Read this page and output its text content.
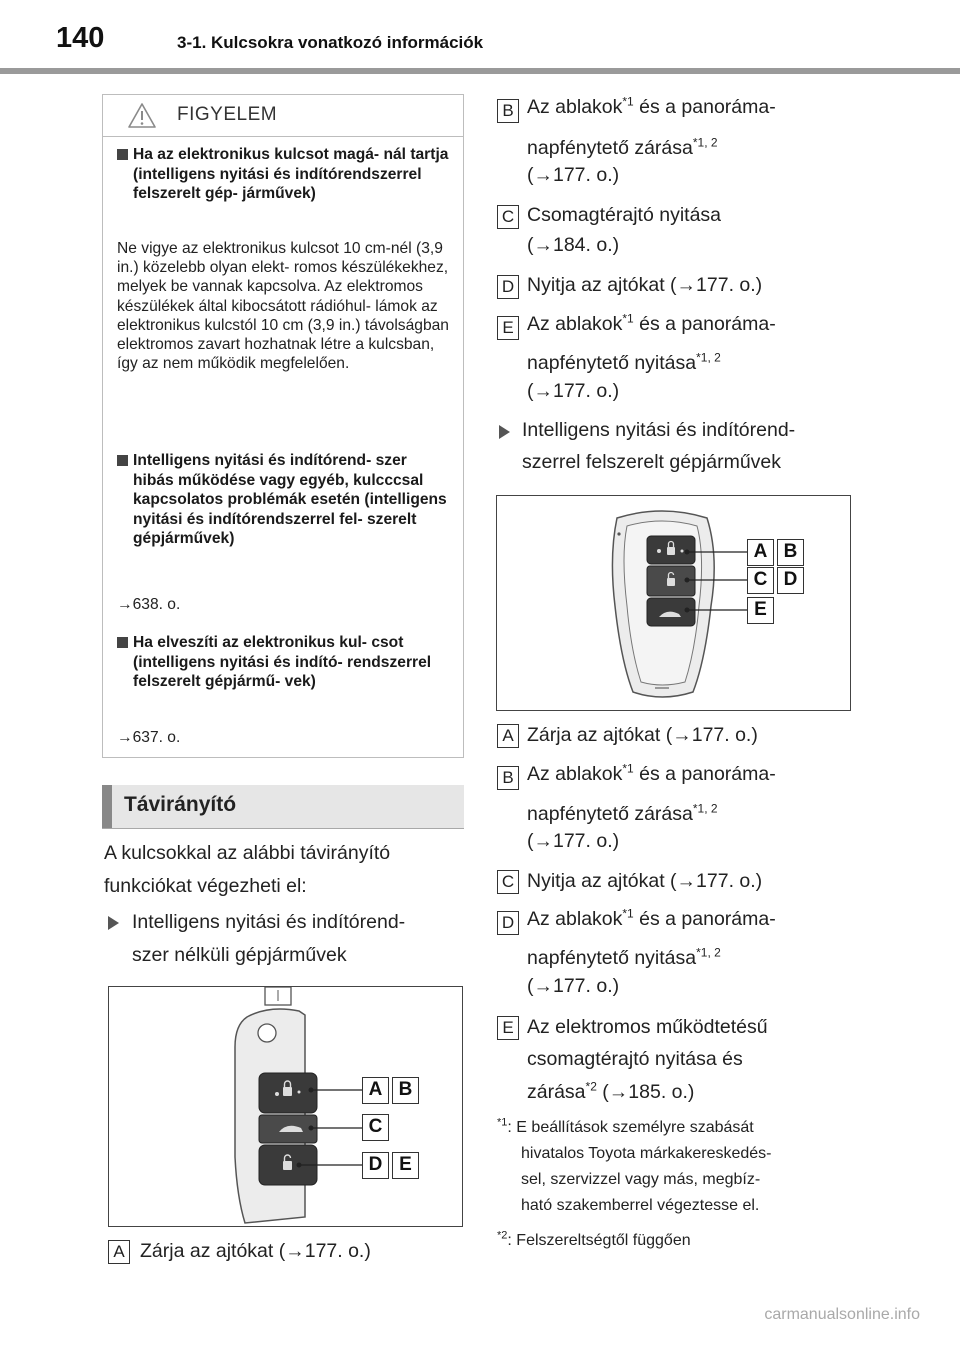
140	3-1. Kulcsokra vonatkozó információk
FIGYELEM
Ha az elektronikus kulcsot magá- nál tartja (intelligens nyitási és indítórendszerrel felszerelt gép- járművek)
Ne vigye az elektronikus kulcsot 10 cm-nél (3,9 in.) közelebb olyan elekt- romos készülékekhez, melyek be vannak kapcsolva. Az elektromos készülékek által kibocsátott rádióhul- lámok az elektronikus kulcstól 10 cm (3,9 in.) távolságban elektromos zavart hozhatnak létre a kulcsban, így az nem működik megfelelően.
Intelligens nyitási és indítórend- szer hibás működése vagy egyéb, kulcccsal kapcsolatos problémák esetén (intelligens nyitási és indítórendszerrel fel- szerelt gépjárművek)
→638. o.
Ha elveszíti az elektronikus kul- csot (intelligens nyitási és indító- rendszerrel felszerelt gépjármű- vek)
→637. o.
Távirányító
A kulcsokkal az alábbi távirányító
funkciókat végezheti el:
Intelligens nyitási és indítórend-
szer nélküli gépjárművek
A B
C
D E
A Zárja az ajtókat (→177. o.)
B Az ablakok$^{*1}$ és a panoráma-
napfénytető zárása$^{*1, 2}$
(→177. o.)
C Csomagtérajtó nyitása
(→184. o.)
D Nyitja az ajtókat (→177. o.)
E Az ablakok$^{*1}$ és a panoráma-
napfénytető nyitása$^{*1, 2}$
(→177. o.)
Intelligens nyitási és indítórend-
szerrel felszerelt gépjárművek
A B
C D
E
A Zárja az ajtókat (→177. o.)
B Az ablakok$^{*1}$ és a panoráma-
napfénytető zárása$^{*1, 2}$
(→177. o.)
C Nyitja az ajtókat (→177. o.)
D Az ablakok$^{*1}$ és a panoráma-
napfénytető nyitása$^{*1, 2}$
(→177. o.)
E Az elektromos működtetésű
csomagtérajtó nyitása és
zárása$^{*2}$ (→185. o.)
$^{*1}$: E beállítások személyre szabását
hivatalos Toyota márkakereskedés-
sel, szervizzel vagy más, megbíz-
ható szakemberrel végeztesse el.
$^{*2}$: Felszereltségtől függően
carmanualsonline.info
